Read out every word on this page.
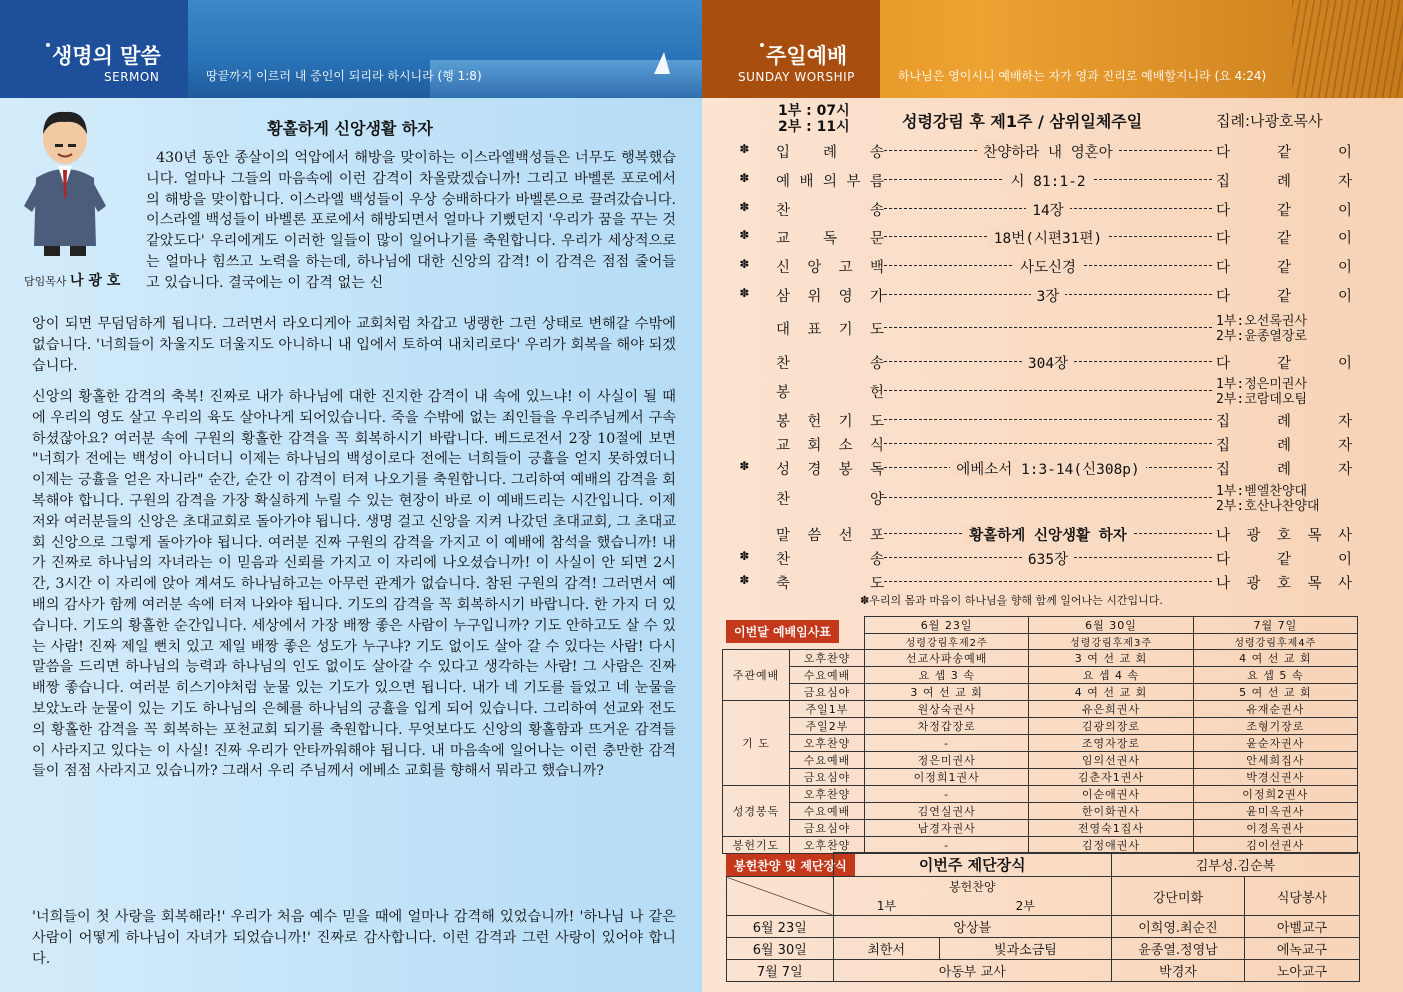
생명의 말씀
SERMON	땅끝까지 이르러 내 증인이 되리라 하시니라 (행 1:8)
담임목사 나 광 호
황홀하게 신앙생활 하자
430년 동안 종살이의 억압에서 해방을 맞이하는 이스라엘백성들은 너무도 행복했습니다. 얼마나 그들의 마음속에 이런 감격이 차올랐겠습니까! 그리고 바벨론 포로에서의 해방을 맞이합니다. 이스라엘 백성들이 우상 숭배하다가 바벨론으로 끌려갔습니다. 이스라엘 백성들이 바벨론 포로에서 해방되면서 얼마나 기뻤던지 '우리가 꿈을 꾸는 것 같았도다' 우리에게도 이러한 일들이 많이 일어나기를 축원합니다. 우리가 세상적으로는 얼마나 힘쓰고 노력을 하는데, 하나님에 대한 신앙의 감격! 이 감격은 점점 줄어들고 있습니다. 결국에는 이 감격 없는 신
앙이 되면 무덤덤하게 됩니다. 그러면서 라오디게아 교회처럼 차갑고 냉랭한 그런 상태로 변해갈 수밖에 없습니다. '너희들이 차울지도 더울지도 아니하니 내 입에서 토하여 내치리로다' 우리가 회복을 해야 되겠습니다.
신앙의 황홀한 감격의 축복! 진짜로 내가 하나님에 대한 진지한 감격이 내 속에 있느냐! 이 사실이 될 때에 우리의 영도 살고 우리의 육도 살아나게 되어있습니다. 죽을 수밖에 없는 죄인들을 우리주님께서 구속하셨잖아요? 여러분 속에 구원의 황홀한 감격을 꼭 회복하시기 바랍니다. 베드로전서 2장 10절에 보면 "너희가 전에는 백성이 아니더니 이제는 하나님의 백성이로다 전에는 너희들이 긍휼을 얻지 못하였더니 이제는 긍휼을 얻은 자니라" 순간, 순간 이 감격이 터져 나오기를 축원합니다. 그리하여 예배의 감격을 회복해야 합니다. 구원의 감격을 가장 확실하게 누릴 수 있는 현장이 바로 이 예배드리는 시간입니다. 이제 저와 여러분들의 신앙은 초대교회로 돌아가야 됩니다. 생명 걸고 신앙을 지켜 나갔던 초대교회, 그 초대교회 신앙으로 그렇게 돌아가야 됩니다. 여러분 진짜 구원의 감격을 가지고 이 예배에 참석을 했습니까! 내가 진짜로 하나님의 자녀라는 이 믿음과 신뢰를 가지고 이 자리에 나오셨습니까! 이 사실이 안 되면 2시간, 3시간 이 자리에 앉아 계셔도 하나님하고는 아무런 관계가 없습니다. 참된 구원의 감격! 그러면서 예배의 감사가 함께 여러분 속에 터져 나와야 됩니다. 기도의 감격을 꼭 회복하시기 바랍니다. 한 가지 더 있습니다. 기도의 황홀한 순간입니다. 세상에서 가장 배짱 좋은 사람이 누구입니까? 기도 안하고도 살 수 있는 사람! 진짜 제일 뻔치 있고 제일 배짱 좋은 성도가 누구냐? 기도 없이도 살아 갈 수 있다는 사람! 다시 말씀을 드리면 하나님의 능력과 하나님의 인도 없이도 살아갈 수 있다고 생각하는 사람! 그 사람은 진짜 배짱 좋습니다. 여러분 히스기야처럼 눈물 있는 기도가 있으면 됩니다. 내가 네 기도를 들었고 네 눈물을 보았노라 눈물이 있는 기도 하나님의 은혜를 하나님의 긍휼을 입게 되어 있습니다. 그리하여 선교와 전도의 황홀한 감격을 꼭 회복하는 포천교회 되기를 축원합니다. 무엇보다도 신앙의 황홀함과 뜨거운 감격들이 사라지고 있다는 이 사실! 진짜 우리가 안타까워해야 됩니다. 내 마음속에 일어나는 이런 충만한 감격들이 점점 사라지고 있습니까? 그래서 우리 주님께서 에베소 교회를 향해서 뭐라고 했습니까?
'너희들이 첫 사랑을 회복해라!' 우리가 처음 예수 믿을 때에 얼마나 감격해 있었습니까! '하나님 나 같은 사람이 어떻게 하나님이 자녀가 되었습니까!' 진짜로 감사합니다. 이런 감격과 그런 사랑이 있어야 합니다.
주일예배
SUNDAY WORSHIP	하나님은 영이시니 예배하는 자가 영과 진리로 예배할지니라 (요 4:24)
1부 : 07시
2부 : 11시	성령강림 후 제1주 / 삼위일체주일	집례:나광호목사
✽ 입 례 송	찬양하라 내 영혼아	다	같	이
✽ 예 배 의 부 름	시 81:1-2	집	례	자
✽ 찬	송	14장	다	같	이
✽ 교 독 문	18번(시편31편)	다	같	이
✽ 신 앙 고 백	사도신경	다	같	이
✽ 삼 위 영 가	3장	다	같	이
대 표 기 도
1부:오선록권사
2부:윤종열장로
찬	송	304장	다	같	이
봉	헌
1부:정은미권사
2부:코람데오팀
봉 헌 기 도	집	례	자
교 회 소 식	집	례	자
✽ 성 경 봉 독	에베소서 1:3-14(신308p)	집	례	자
찬	양
1부:벧엘찬양대
2부:호산나찬양대
말 씀 선 포	황홀하게 신앙생활 하자	나 광 호 목 사
✽ 찬	송	635장	다	같	이
✽ 축	도	나 광 호 목 사
✽우리의 몸과 마음이 하나님을 향해 함께 일어나는 시간입니다.
이번달 예배임사표
		6월 23일	6월 30일	7월 7일
		성령강림후제2주	성령강림후제3주	성령강림후제4주
주관예배	오후찬양	선교사파송예배	3 여 선 교 회	4 여 선 교 회
	수요예배	요 셉 3 속	요 셉 4 속	요 셉 5 속
	금요심야	3 여 선 교 회	4 여 선 교 회	5 여 선 교 회
기 도	주일1부	원상숙권사	유은희권사	유재순권사
	주일2부	차정갑장로	김광의장로	조형기장로
	오후찬양	-	조영자장로	윤순자권사
	수요예배	정은미권사	임의선권사	안세희집사
	금요심야	이정희1권사	김춘자1권사	박경신권사
성경봉독	오후찬양	-	이순애권사	이정희2권사
	수요예배	김연실권사	한이화권사	윤미옥권사
	금요심야	남경자권사	전영숙1집사	이경옥권사
봉헌기도	오후찬양	-	김정애권사	김이선권사
봉헌찬양 및 제단장식
		이번주 제단장식		김부성.김순복	
	봉헌찬양		강단미화	식당봉사
	1부	2부		
6월 23일	앙상블		이희영.최순진	아벨교구
6월 30일	최한서	빛과소금팀	윤종열.정영남	에녹교구
7월 7일	아동부 교사		박경자	노아교구
